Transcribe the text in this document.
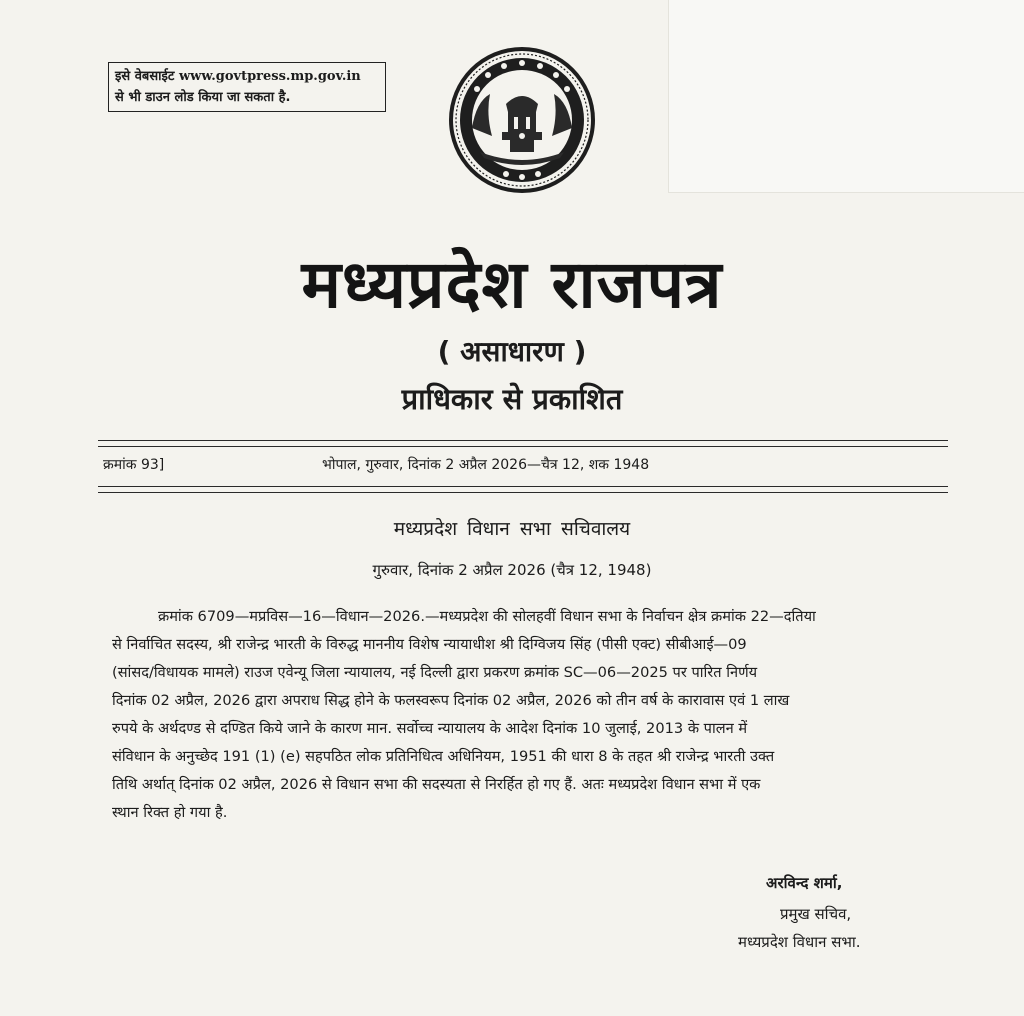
इसे वेबसाईट www.govtpress.mp.gov.in
से भी डाउन लोड किया जा सकता है.
मध्यप्रदेश राजपत्र
( असाधारण )
प्राधिकार से प्रकाशित
क्रमांक 93]	भोपाल, गुरुवार, दिनांक 2 अप्रैल 2026—चैत्र 12, शक 1948
मध्यप्रदेश विधान सभा सचिवालय
गुरुवार, दिनांक 2 अप्रैल 2026 (चैत्र 12, 1948)
क्रमांक 6709—मप्रविस—16—विधान—2026.—मध्यप्रदेश की सोलहवीं विधान सभा के निर्वाचन क्षेत्र क्रमांक 22—दतिया
से निर्वाचित सदस्य, श्री राजेन्द्र भारती के विरुद्ध माननीय विशेष न्यायाधीश श्री दिग्विजय सिंह (पीसी एक्ट) सीबीआई—09
(सांसद/विधायक मामले) राउज एवेन्यू जिला न्यायालय, नई दिल्ली द्वारा प्रकरण क्रमांक SC—06—2025 पर पारित निर्णय
दिनांक 02 अप्रैल, 2026 द्वारा अपराध सिद्ध होने के फलस्वरूप दिनांक 02 अप्रैल, 2026 को तीन वर्ष के कारावास एवं 1 लाख
रुपये के अर्थदण्ड से दण्डित किये जाने के कारण मान. सर्वोच्च न्यायालय के आदेश दिनांक 10 जुलाई, 2013 के पालन में
संविधान के अनुच्छेद 191 (1) (e) सहपठित लोक प्रतिनिधित्व अधिनियम, 1951 की धारा 8 के तहत श्री राजेन्द्र भारती उक्त
तिथि अर्थात् दिनांक 02 अप्रैल, 2026 से विधान सभा की सदस्यता से निरर्हित हो गए हैं. अतः मध्यप्रदेश विधान सभा में एक
स्थान रिक्त हो गया है.
अरविन्द शर्मा,
प्रमुख सचिव,
मध्यप्रदेश विधान सभा.
